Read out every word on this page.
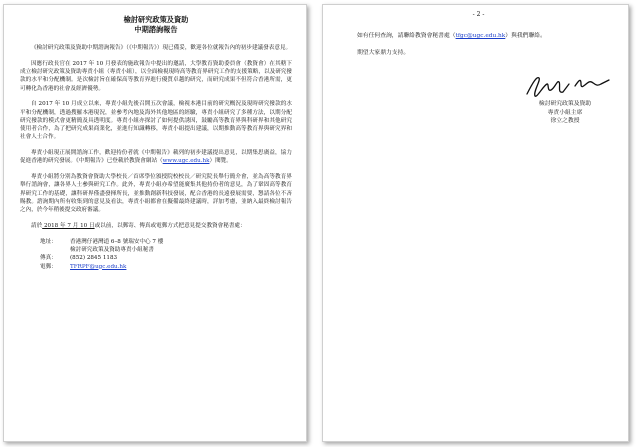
檢討研究政策及資助
中期諮詢報告

《檢討研究政策及資助中期諮詢報告》（《中期報告》）現已備妥，歡迎各位就報告內的初步建議發表意見。

因應行政長官在 2017 年 10 月發表的施政報告中提出的邀請，大學教育資助委員會（教資會）在其轄下成立檢討研究政策及資助專責小組（專責小組），以全面檢視現時高等教育界研究工作的支援策略，以及研究撥款的水平和分配機制。是次檢討旨在確保高等教育界進行優質卓越的研究，而研究成果不但符合香港所需，更可轉化為香港的社會及經濟優勢。

自 2017 年 10 月成立以來，專責小組先後召開五次會議，檢視本港目前的研究概況及現時研究撥款的水平和分配機制，透過搜羅本港現況，並參考內地及海外其他地區的經驗，專責小組研究了多種方法，以期分配研究撥款的模式會更精簡及具透明度。專責小組亦探討了如何提供誘因，鼓勵高等教育界與科研界和其他研究使用者合作，為了把研究成果商業化，並進行知識轉移，專責小組提出建議，以期推動高等教育界與研究界和社會人士合作。

專責小組現正展開諮詢工作，歡迎持份者就《中期報告》載列的初步建議提出意見，以期集思廣益，協力促進香港的研究發展。《中期報告》已登載於教資會網站（www.ugc.edu.hk）閱覽。

專責小組將分別為教資會資助大學校長／首席學位頒授院校校長／研究院長舉行簡介會，並為高等教育界舉行諮詢會，讓各界人士參與研究工作。此外，專責小組亦希望能廣集其他持份者的意見，為了鞏固高等教育界研究工作的基礎，讓科研界僅盡發揮所長，並推動創新科技發展，配合香港的長遠發展需要，懇請各位不吝賜教。諮詢期內所有收集到的意見及看法，專責小組都會在擬備最終建議時，詳加考慮，並納入最終檢討報告之內，於今年稍後提交政府審議。

請於 2018 年 7 月 10 日或以前，以郵寄、傳真或電郵方式把意見提交教資會秘書處：

地址：	香港灣仔港灣道 6–8 號瑞安中心 7 樓
檢討研究政策及資助專責小組秘書
傳真：	(852) 2845 1183
電郵：	TFRPF@ugc.edu.hk
- 2 -

如有任何查詢，請聯絡教資會秘書處（tfgc@ugc.edu.hk）與我們聯絡。

期望大家鼎力支持。

檢討研究政策及資助
專責小組主席
徐立之教授
